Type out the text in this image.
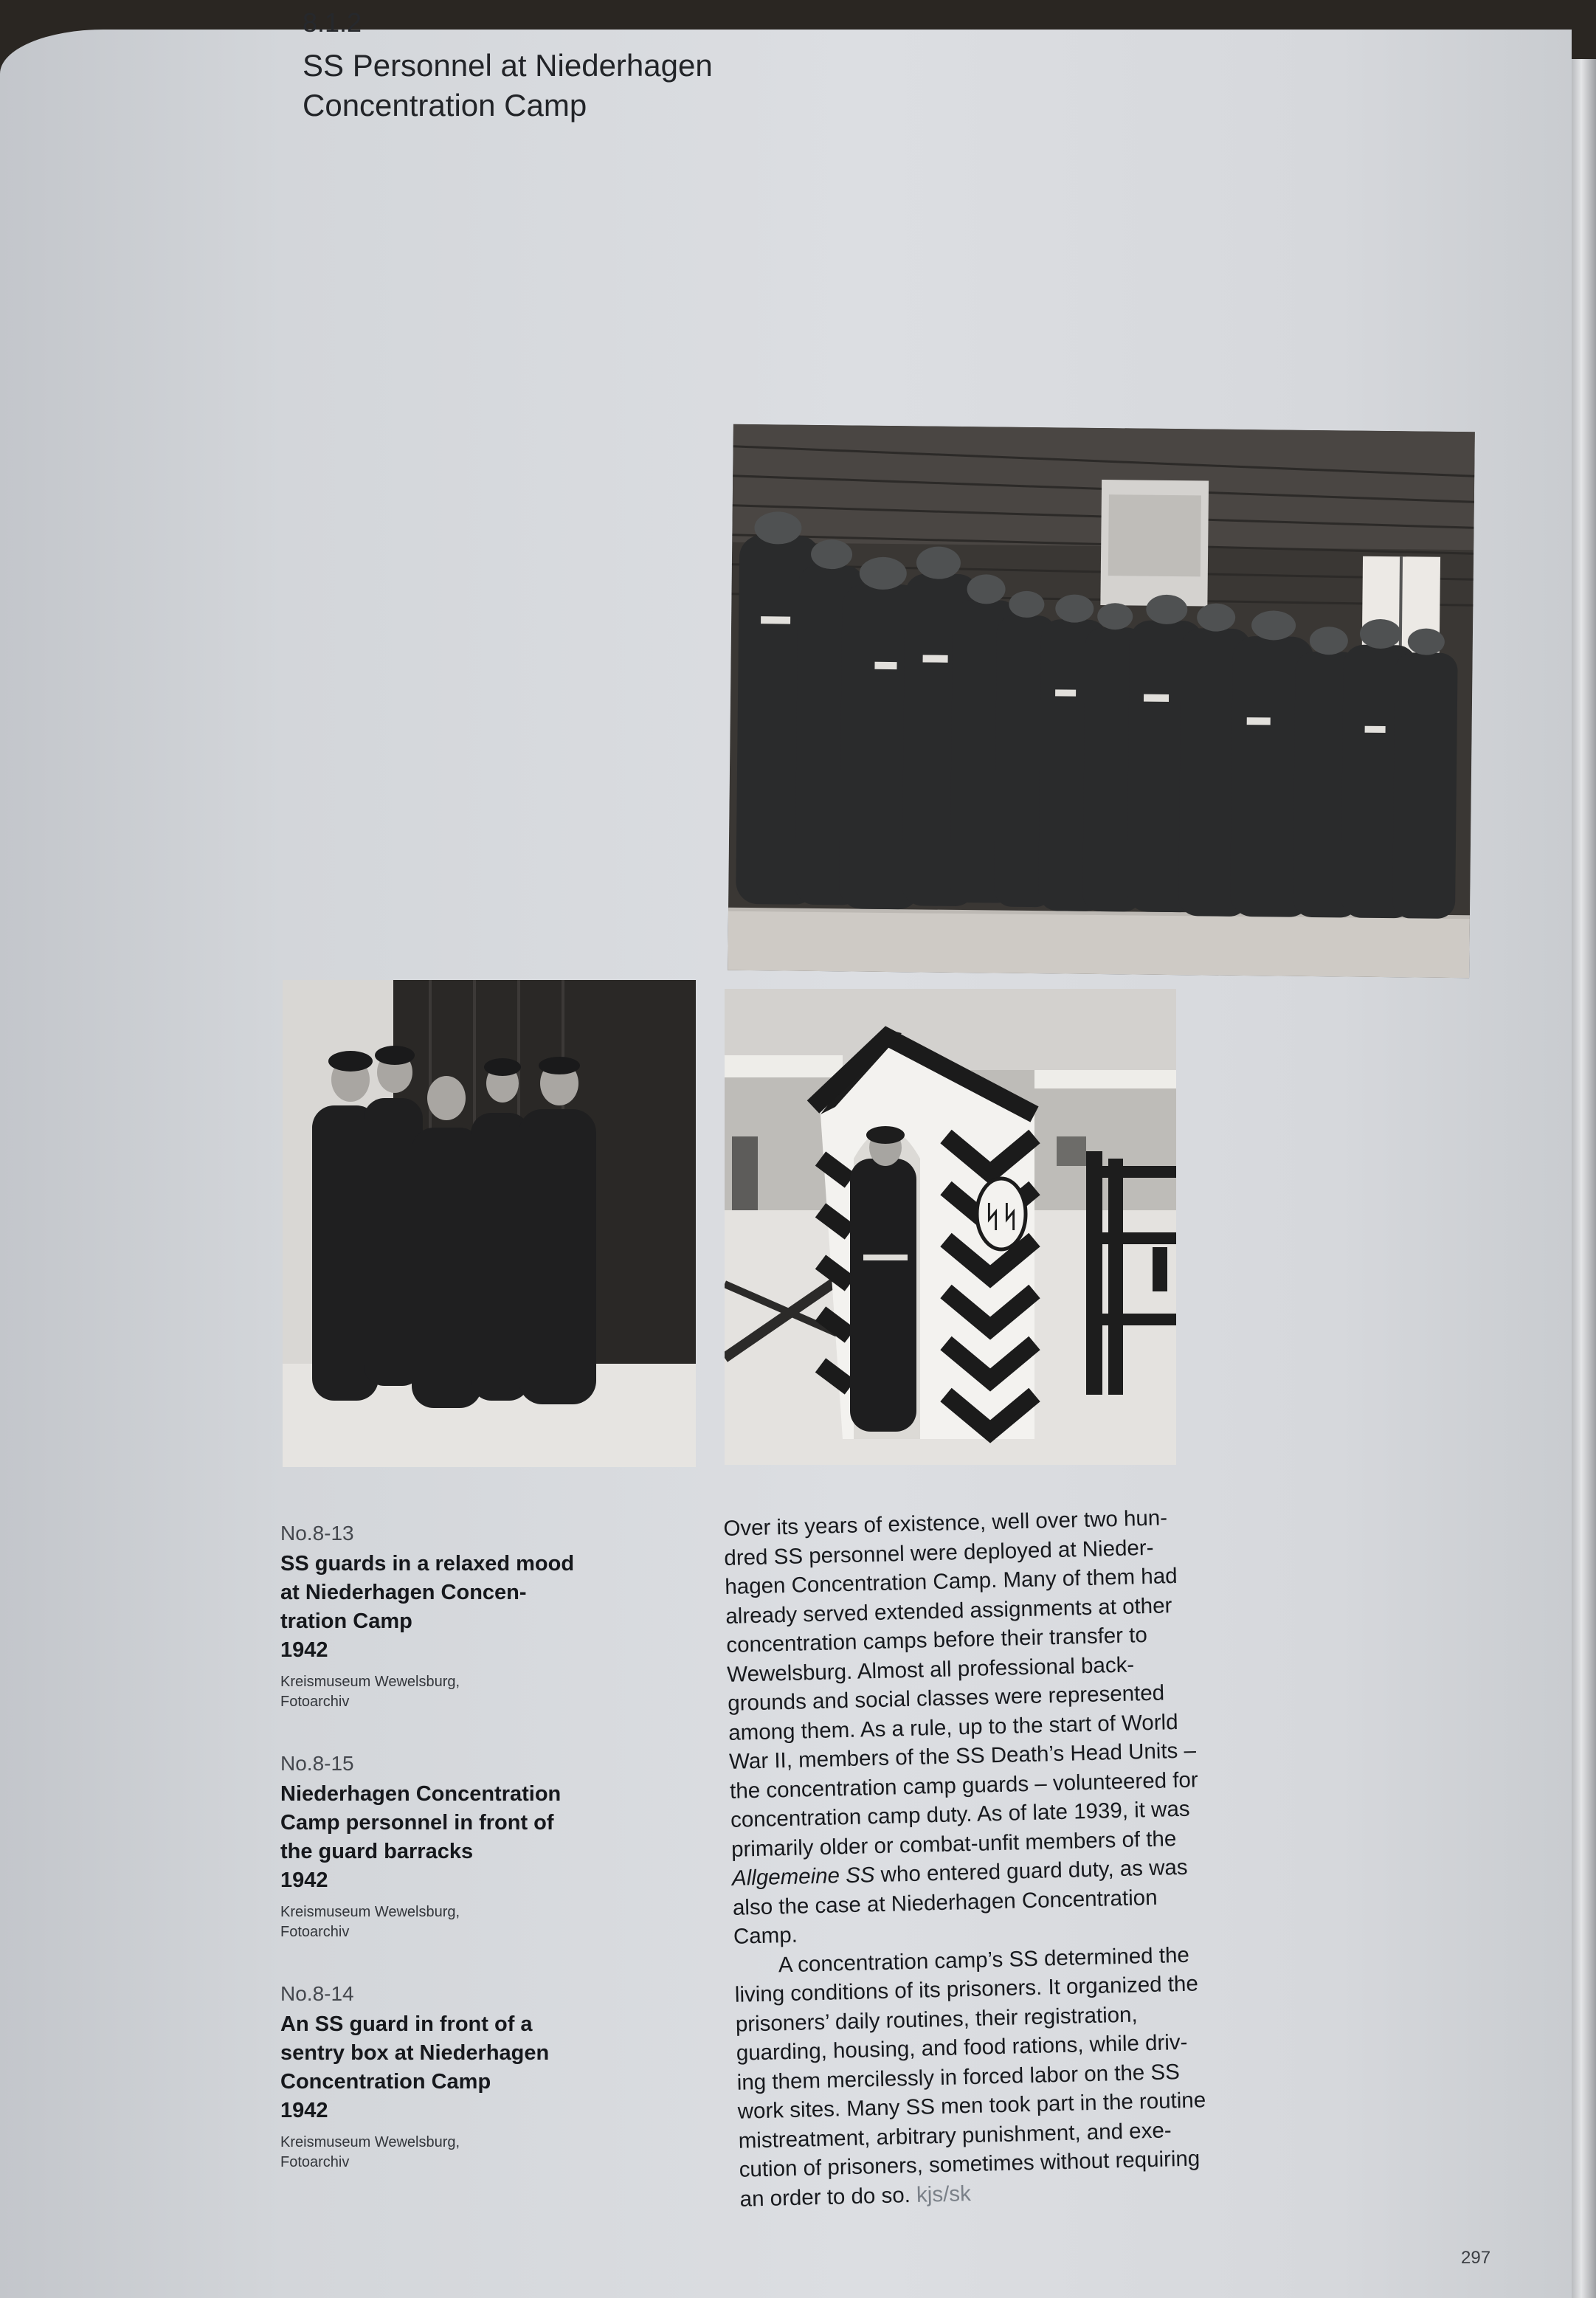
8.1.2
SS Personnel at Niederhagen
Concentration Camp
ᛋᛋ
No.8-13
SS guards in a relaxed mood
at Niederhagen Concen-
tration Camp
1942
Kreismuseum Wewelsburg,
Fotoarchiv
No.8-15
Niederhagen Concentration
Camp personnel in front of
the guard barracks
1942
Kreismuseum Wewelsburg,
Fotoarchiv
No.8-14
An SS guard in front of a
sentry box at Niederhagen
Concentration Camp
1942
Kreismuseum Wewelsburg,
Fotoarchiv

Over its years of existence, well over two hun-
dred SS personnel were deployed at Nieder-
hagen Concentration Camp. Many of them had
already served extended assignments at other
concentration camps before their transfer to
Wewelsburg. Almost all professional back-
grounds and social classes were represented
among them. As a rule, up to the start of World
War II, members of the SS Death’s Head Units –
the concentration camp guards – volunteered for
concentration camp duty. As of late 1939, it was
primarily older or combat-unfit members of the
Allgemeine SS who entered guard duty, as was
also the case at Niederhagen Concentration
Camp.

A concentration camp’s SS determined the
living conditions of its prisoners. It organized the
prisoners’ daily routines, their registration,
guarding, housing, and food rations, while driv-
ing them mercilessly in forced labor on the SS
work sites. Many SS men took part in the routine
mistreatment, arbitrary punishment, and exe-
cution of prisoners, sometimes without requiring
an order to do so. kjs/sk

297
